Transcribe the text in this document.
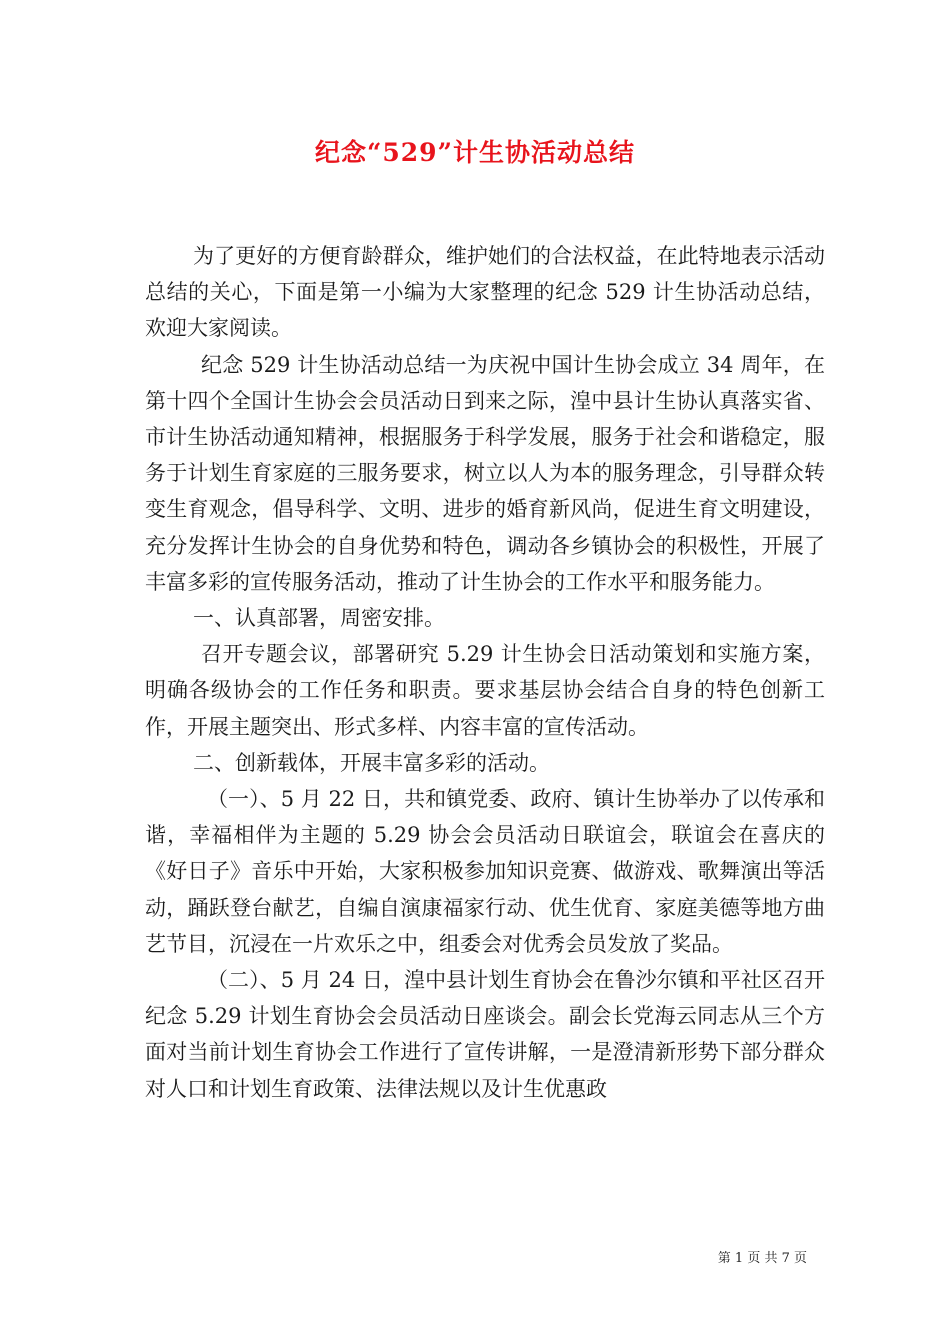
纪念“529”计生协活动总结

为了更好的方便育龄群众，维护她们的合法权益，在此特地表示活动总结的关心，下面是第一小编为大家整理的纪念 529 计生协活动总结，欢迎大家阅读。

纪念 529 计生协活动总结一为庆祝中国计生协会成立 34 周年，在第十四个全国计生协会会员活动日到来之际，湟中县计生协认真落实省、市计生协活动通知精神，根据服务于科学发展，服务于社会和谐稳定，服务于计划生育家庭的三服务要求，树立以人为本的服务理念，引导群众转变生育观念，倡导科学、文明、进步的婚育新风尚，促进生育文明建设，充分发挥计生协会的自身优势和特色，调动各乡镇协会的积极性，开展了丰富多彩的宣传服务活动，推动了计生协会的工作水平和服务能力。

一、认真部署，周密安排。

召开专题会议，部署研究 5.29 计生协会日活动策划和实施方案，明确各级协会的工作任务和职责。要求基层协会结合自身的特色创新工作，开展主题突出、形式多样、内容丰富的宣传活动。

二、创新载体，开展丰富多彩的活动。

（一）、5 月 22 日，共和镇党委、政府、镇计生协举办了以传承和谐，幸福相伴为主题的 5.29 协会会员活动日联谊会，联谊会在喜庆的《好日子》音乐中开始，大家积极参加知识竞赛、做游戏、歌舞演出等活动，踊跃登台献艺，自编自演康福家行动、优生优育、家庭美德等地方曲艺节目，沉浸在一片欢乐之中，组委会对优秀会员发放了奖品。

（二）、5 月 24 日，湟中县计划生育协会在鲁沙尔镇和平社区召开纪念 5.29 计划生育协会会员活动日座谈会。副会长党海云同志从三个方面对当前计划生育协会工作进行了宣传讲解，一是澄清新形势下部分群众对人口和计划生育政策、法律法规以及计生优惠政

第 1 页 共 7 页
